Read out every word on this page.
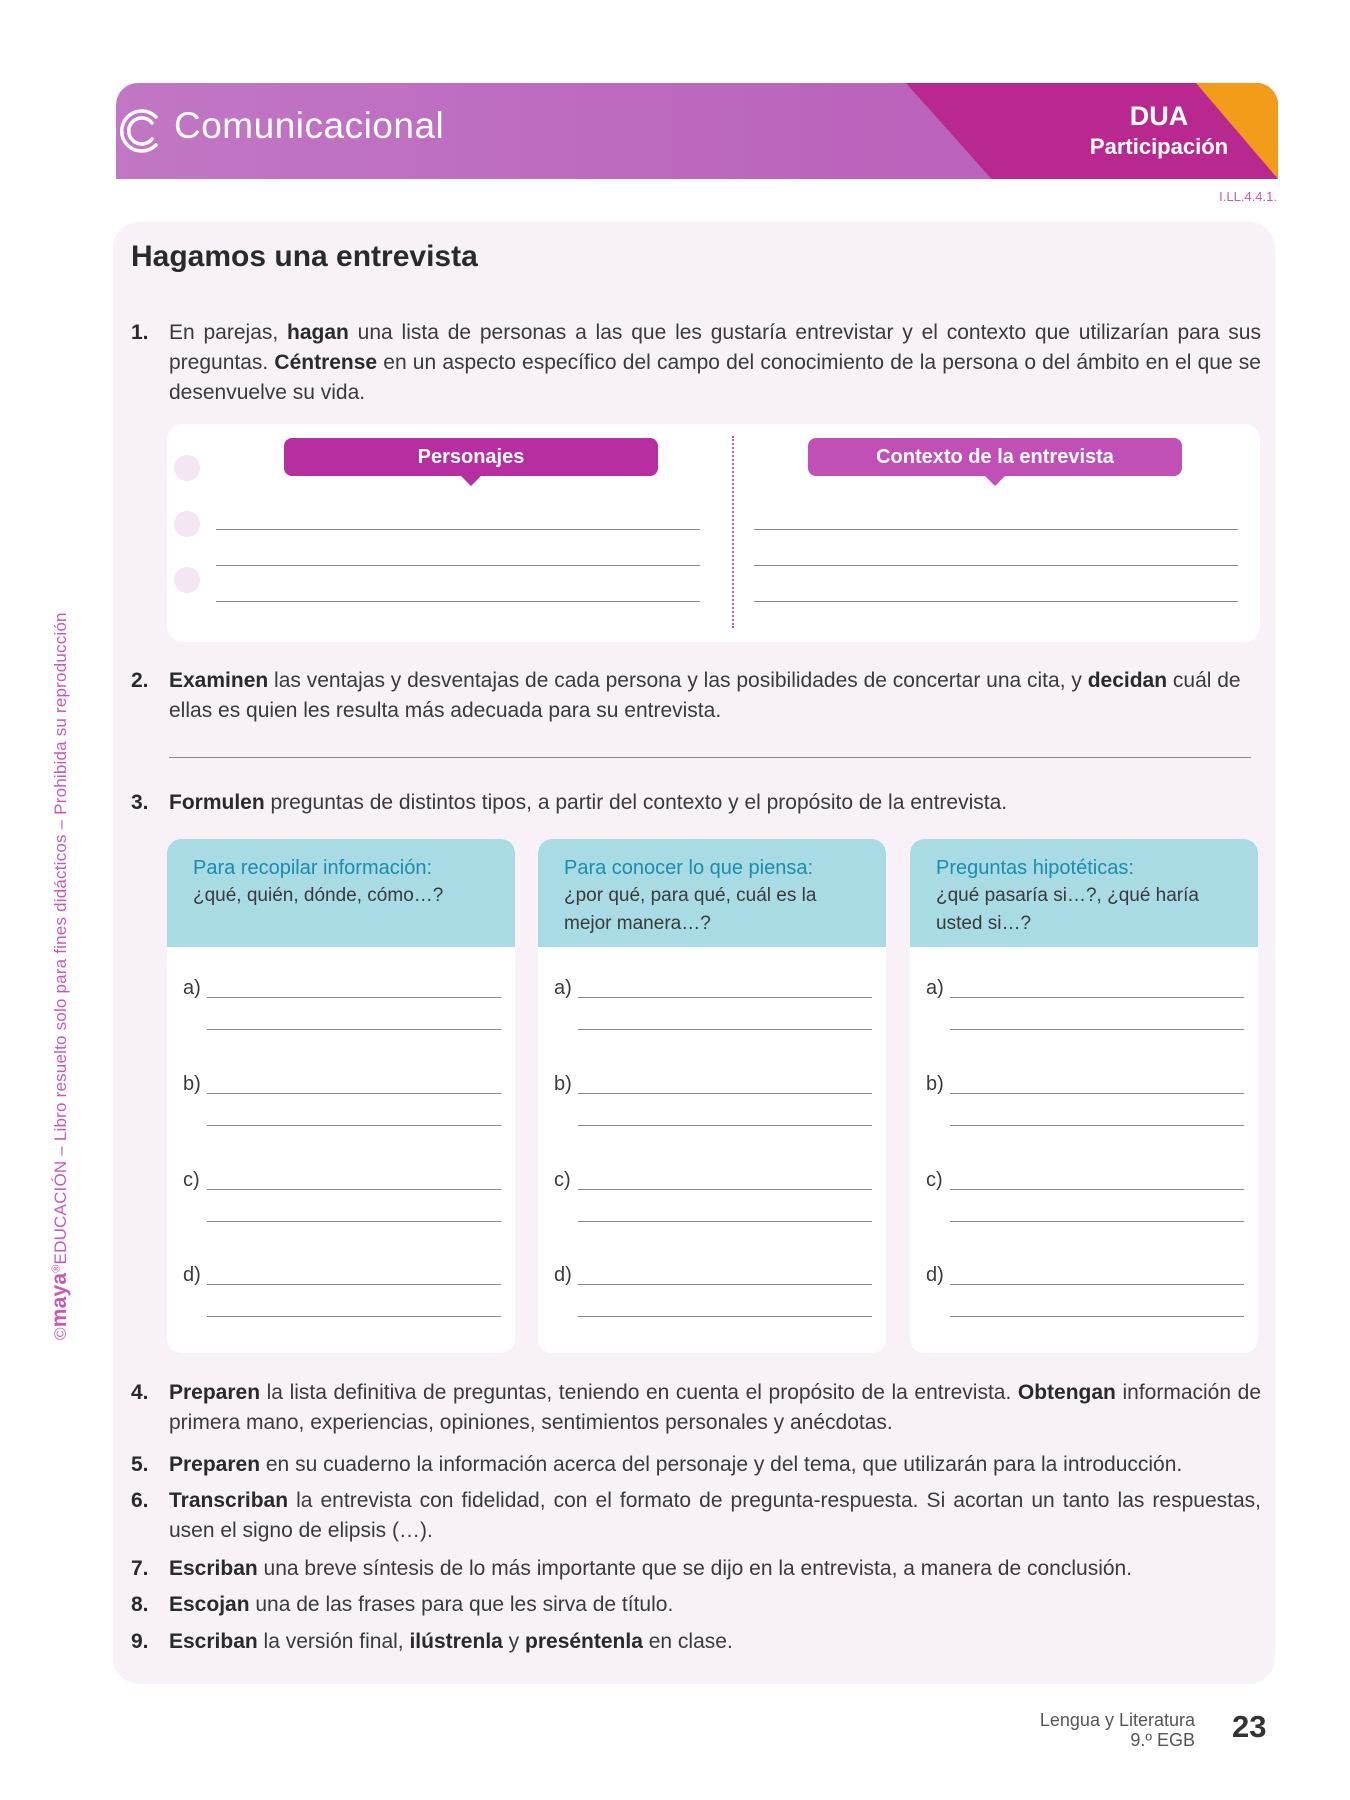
©maya®EDUCACIÓN – Libro resuelto solo para fines didácticos – Prohibida su reproducción
Comunicacional	DUA
Participación
I.LL.4.4.1.
Hagamos una entrevista
1. En parejas, hagan una lista de personas a las que les gustaría entrevistar y el contexto que utilizarían para sus preguntas. Céntrense en un aspecto específico del campo del conocimiento de la persona o del ámbito en el que se desenvuelve su vida.
Personajes	Contexto de la entrevista
2. Examinen las ventajas y desventajas de cada persona y las posibilidades de concertar una cita, y decidan cuál de ellas es quien les resulta más adecuada para su entrevista.
3. Formulen preguntas de distintos tipos, a partir del contexto y el propósito de la entrevista.
Para recopilar información:
¿qué, quién, dónde, cómo…?
a)
b)
c)
d)
Para conocer lo que piensa:
¿por qué, para qué, cuál es la mejor manera…?
a)
b)
c)
d)
Preguntas hipotéticas:
¿qué pasaría si…?, ¿qué haría usted si…?
a)
b)
c)
d)
4. Preparen la lista definitiva de preguntas, teniendo en cuenta el propósito de la entrevista. Obtengan información de primera mano, experiencias, opiniones, sentimientos personales y anécdotas.
5. Preparen en su cuaderno la información acerca del personaje y del tema, que utilizarán para la introducción.
6. Transcriban la entrevista con fidelidad, con el formato de pregunta-respuesta. Si acortan un tanto las respuestas, usen el signo de elipsis (…).
7. Escriban una breve síntesis de lo más importante que se dijo en la entrevista, a manera de conclusión.
8. Escojan una de las frases para que les sirva de título.
9. Escriban la versión final, ilústrenla y preséntenla en clase.
Lengua y Literatura
9.º EGB 23
